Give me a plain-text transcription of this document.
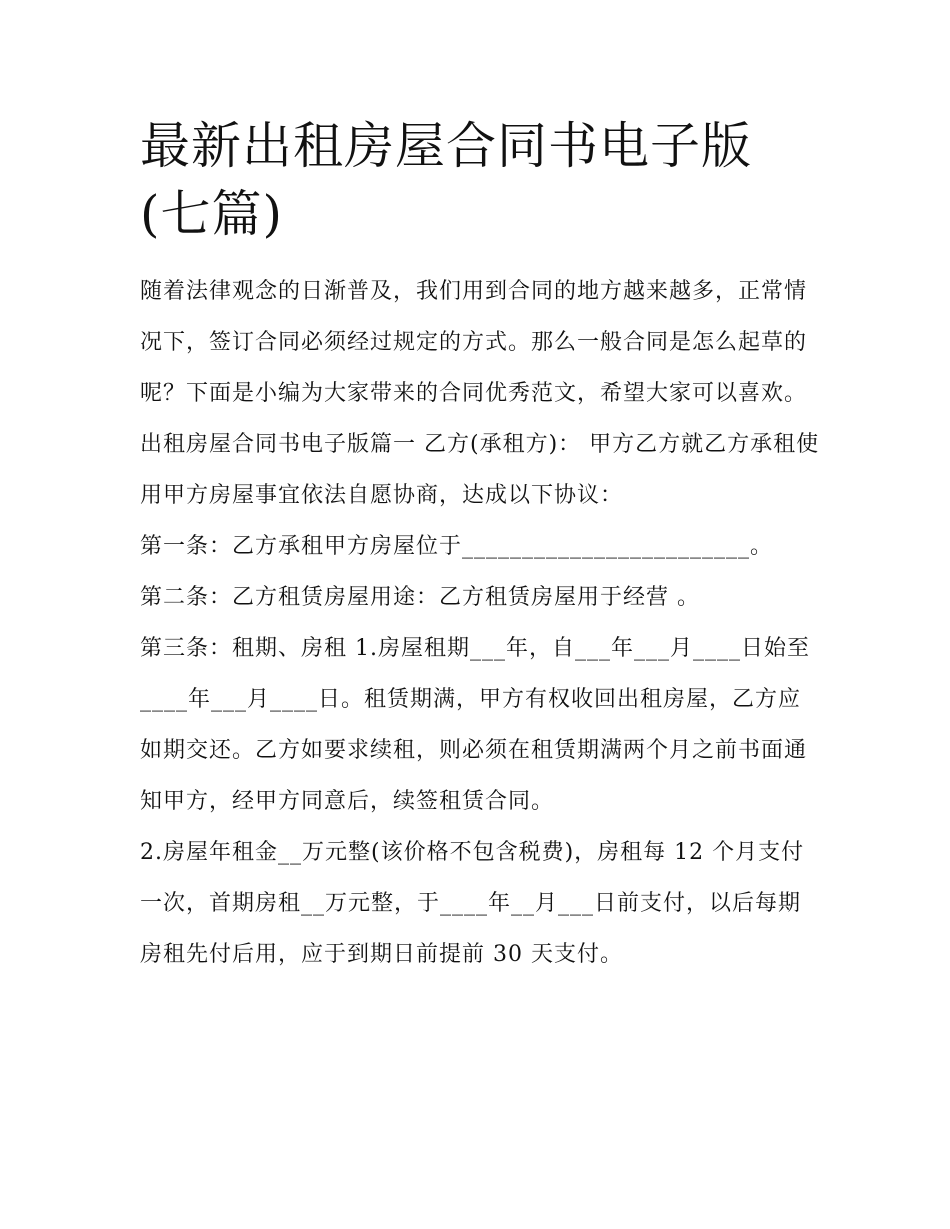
最新出租房屋合同书电子版(七篇)

随着法律观念的日渐普及，我们用到合同的地方越来越多，正常情况下，签订合同必须经过规定的方式。那么一般合同是怎么起草的呢？下面是小编为大家带来的合同优秀范文，希望大家可以喜欢。

出租房屋合同书电子版篇一 乙方(承租方)： 甲方乙方就乙方承租使用甲方房屋事宜依法自愿协商，达成以下协议：

第一条：乙方承租甲方房屋位于________________________。

第二条：乙方租赁房屋用途：乙方租赁房屋用于经营 。

第三条：租期、房租 1.房屋租期___年，自___年___月____日始至

____年___月____日。租赁期满，甲方有权收回出租房屋，乙方应如期交还。乙方如要求续租，则必须在租赁期满两个月之前书面通知甲方，经甲方同意后，续签租赁合同。

2.房屋年租金__万元整(该价格不包含税费)，房租每 12 个月支付一次，首期房租__万元整，于____年__月___日前支付，以后每期房租先付后用，应于到期日前提前 30 天支付。
